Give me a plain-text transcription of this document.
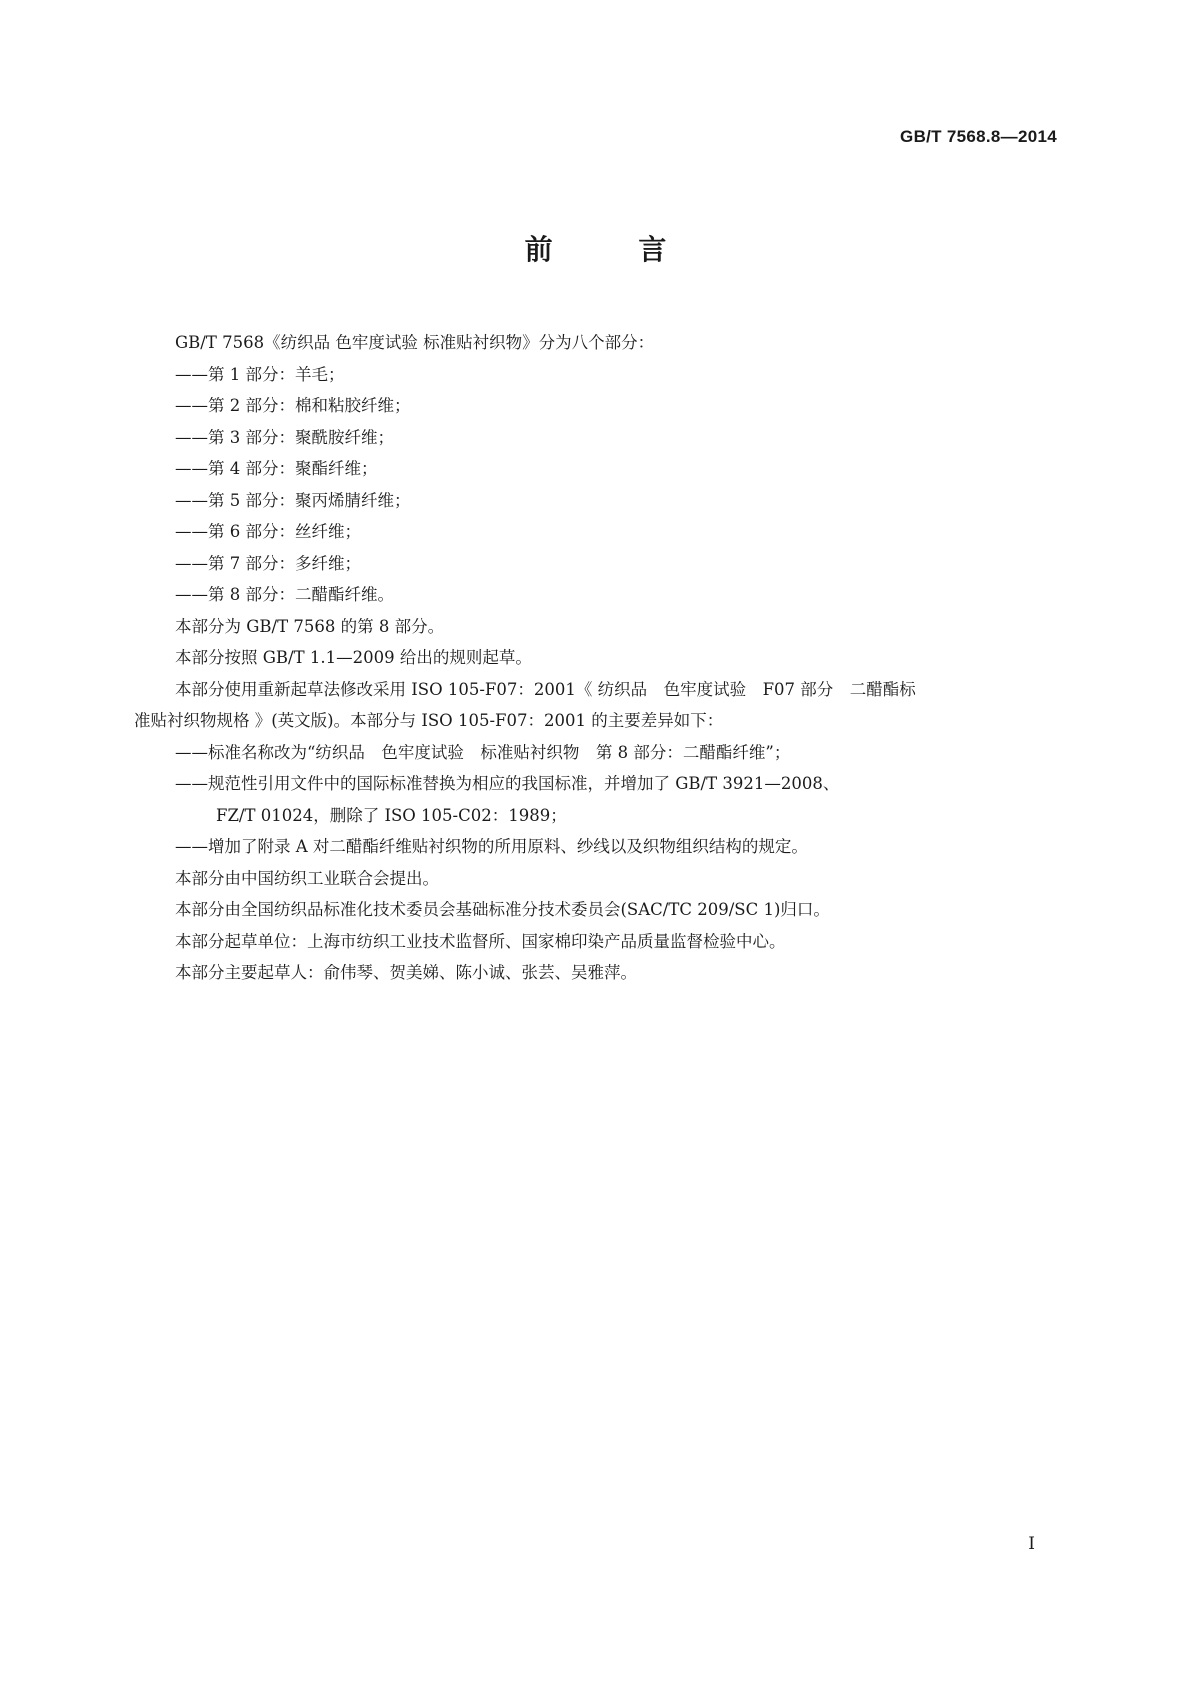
GB/T 7568.8—2014
前 言

GB/T 7568《纺织品 色牢度试验 标准贴衬织物》分为八个部分：

——第 1 部分：羊毛；

——第 2 部分：棉和粘胶纤维；

——第 3 部分：聚酰胺纤维；

——第 4 部分：聚酯纤维；

——第 5 部分：聚丙烯腈纤维；

——第 6 部分：丝纤维；

——第 7 部分：多纤维；

——第 8 部分：二醋酯纤维。

本部分为 GB/T 7568 的第 8 部分。

本部分按照 GB/T 1.1—2009 给出的规则起草。

本部分使用重新起草法修改采用 ISO 105-F07：2001《 纺织品　色牢度试验　F07 部分　二醋酯标

准贴衬织物规格 》(英文版)。本部分与 ISO 105-F07：2001 的主要差异如下：

——标准名称改为“纺织品　色牢度试验　标准贴衬织物　第 8 部分：二醋酯纤维”；

——规范性引用文件中的国际标准替换为相应的我国标准，并增加了 GB/T 3921—2008、

FZ/T 01024，删除了 ISO 105-C02：1989；

——增加了附录 A 对二醋酯纤维贴衬织物的所用原料、纱线以及织物组织结构的规定。

本部分由中国纺织工业联合会提出。

本部分由全国纺织品标准化技术委员会基础标准分技术委员会(SAC/TC 209/SC 1)归口。

本部分起草单位：上海市纺织工业技术监督所、国家棉印染产品质量监督检验中心。

本部分主要起草人：俞伟琴、贺美娣、陈小诚、张芸、吴雅萍。

I
